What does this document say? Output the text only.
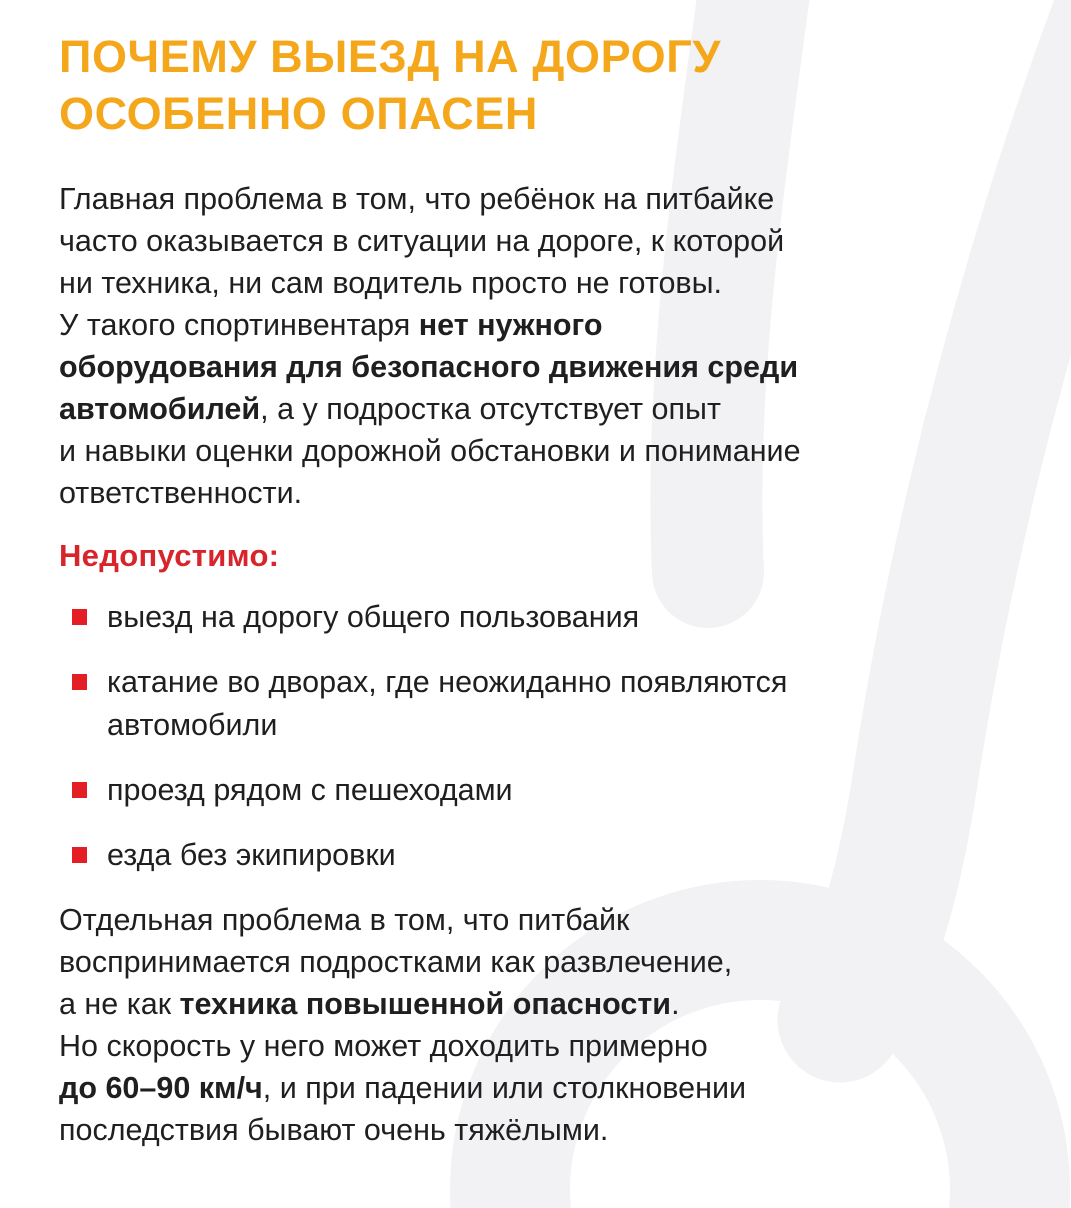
ПОЧЕМУ ВЫЕЗД НА ДОРОГУ
ОСОБЕННО ОПАСЕН
Главная проблема в том, что ребёнок на питбайке
часто оказывается в ситуации на дороге, к которой
ни техника, ни сам водитель просто не готовы.
У такого спортинвентаря нет нужного
оборудования для безопасного движения среди
автомобилей, а у подростка отсутствует опыт
и навыки оценки дорожной обстановки и понимание
ответственности.
Недопустимо:
выезд на дорогу общего пользования
катание во дворах, где неожиданно появляются
автомобили
проезд рядом с пешеходами
езда без экипировки
Отдельная проблема в том, что питбайк
воспринимается подростками как развлечение,
а не как техника повышенной опасности.
Но скорость у него может доходить примерно
до 60–90 км/ч, и при падении или столкновении
последствия бывают очень тяжёлыми.
